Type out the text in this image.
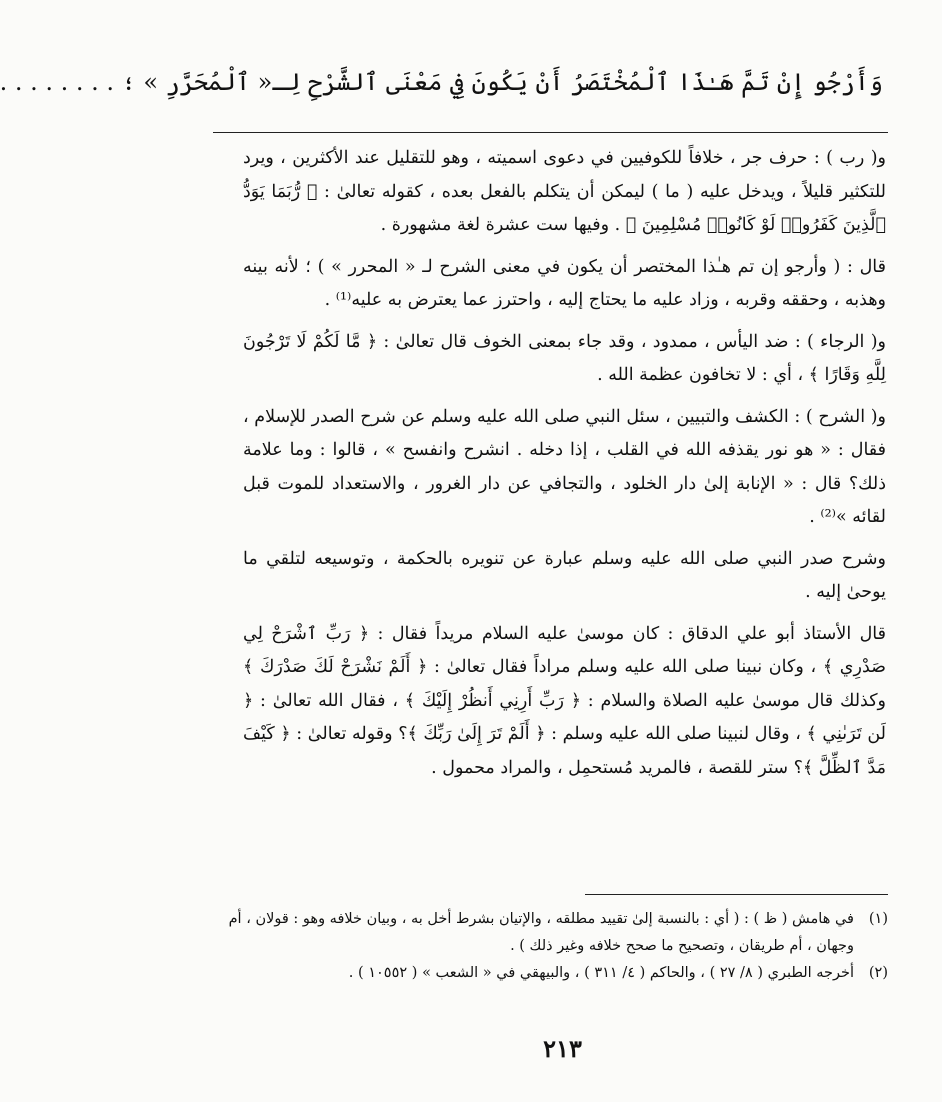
وَأَرْجُو إِنْ تَمَّ هَـٰذَا ٱلْمُخْتَصَرُ أَنْ يَكُونَ فِي مَعْنَى ٱلشَّرْحِ لِـ« ٱلْمُحَرَّرِ » ؛ . . . . . . . .

و( رب ) : حرف جر ، خلافاً للكوفيين في دعوى اسميته ، وهو للتقليل عند الأكثرين ، ويرد للتكثير قليلاً ، ويدخل عليه ( ما ) ليمكن أن يتكلم بالفعل بعده ، كقوله تعالىٰ : ﴿ رُّبَمَا يَوَدُّ ٱلَّذِينَ كَفَرُوا۟ لَوْ كَانُوا۟ مُسْلِمِينَ ﴾ . وفيها ست عشرة لغة مشهورة .

قال : ( وأرجو إن تم هـٰذا المختصر أن يكون في معنى الشرح لـ « المحرر » ) ؛ لأنه بينه وهذبه ، وحققه وقربه ، وزاد عليه ما يحتاج إليه ، واحترز عما يعترض به عليه⁽¹⁾ .

و( الرجاء ) : ضد اليأس ، ممدود ، وقد جاء بمعنى الخوف قال تعالىٰ : ﴿ مَّا لَكُمْ لَا تَرْجُونَ لِلَّهِ وَقَارًا ﴾ ، أي : لا تخافون عظمة الله .

و( الشرح ) : الكشف والتبيين ، سئل النبي صلى الله عليه وسلم عن شرح الصدر للإسلام ، فقال : « هو نور يقذفه الله في القلب ، إذا دخله . انشرح وانفسح » ، قالوا : وما علامة ذلك؟ قال : « الإنابة إلىٰ دار الخلود ، والتجافي عن دار الغرور ، والاستعداد للموت قبل لقائه »⁽²⁾ .

وشرح صدر النبي صلى الله عليه وسلم عبارة عن تنويره بالحكمة ، وتوسيعه لتلقي ما يوحىٰ إليه .

قال الأستاذ أبو علي الدقاق : كان موسىٰ عليه السلام مريداً فقال : ﴿ رَبِّ ٱشْرَحْ لِي صَدْرِي ﴾ ، وكان نبينا صلى الله عليه وسلم مراداً فقال تعالىٰ : ﴿ أَلَمْ نَشْرَحْ لَكَ صَدْرَكَ ﴾ وكذلك قال موسىٰ عليه الصلاة والسلام : ﴿ رَبِّ أَرِنِي أَنظُرْ إِلَيْكَ ﴾ ، فقال الله تعالىٰ : ﴿ لَن تَرَىٰنِي ﴾ ، وقال لنبينا صلى الله عليه وسلم : ﴿ أَلَمْ تَرَ إِلَىٰ رَبِّكَ ﴾؟ وقوله تعالىٰ : ﴿ كَيْفَ مَدَّ ٱلظِّلَّ ﴾؟ ستر للقصة ، فالمريد مُستحمِل ، والمراد محمول .

(١)
في هامش ( ظ ) : ( أي : بالنسبة إلىٰ تقييد مطلقه ، والإتيان بشرط أخل به ، وبيان خلافه وهو : قولان ، أم وجهان ، أم طريقان ، وتصحيح ما صحح خلافه وغير ذلك ) .

(٢)
أخرجه الطبري ( ٨/ ٢٧ ) ، والحاكم ( ٤/ ٣١١ ) ، والبيهقي في « الشعب » ( ١٠٥٥٢ ) .

٢١٣
